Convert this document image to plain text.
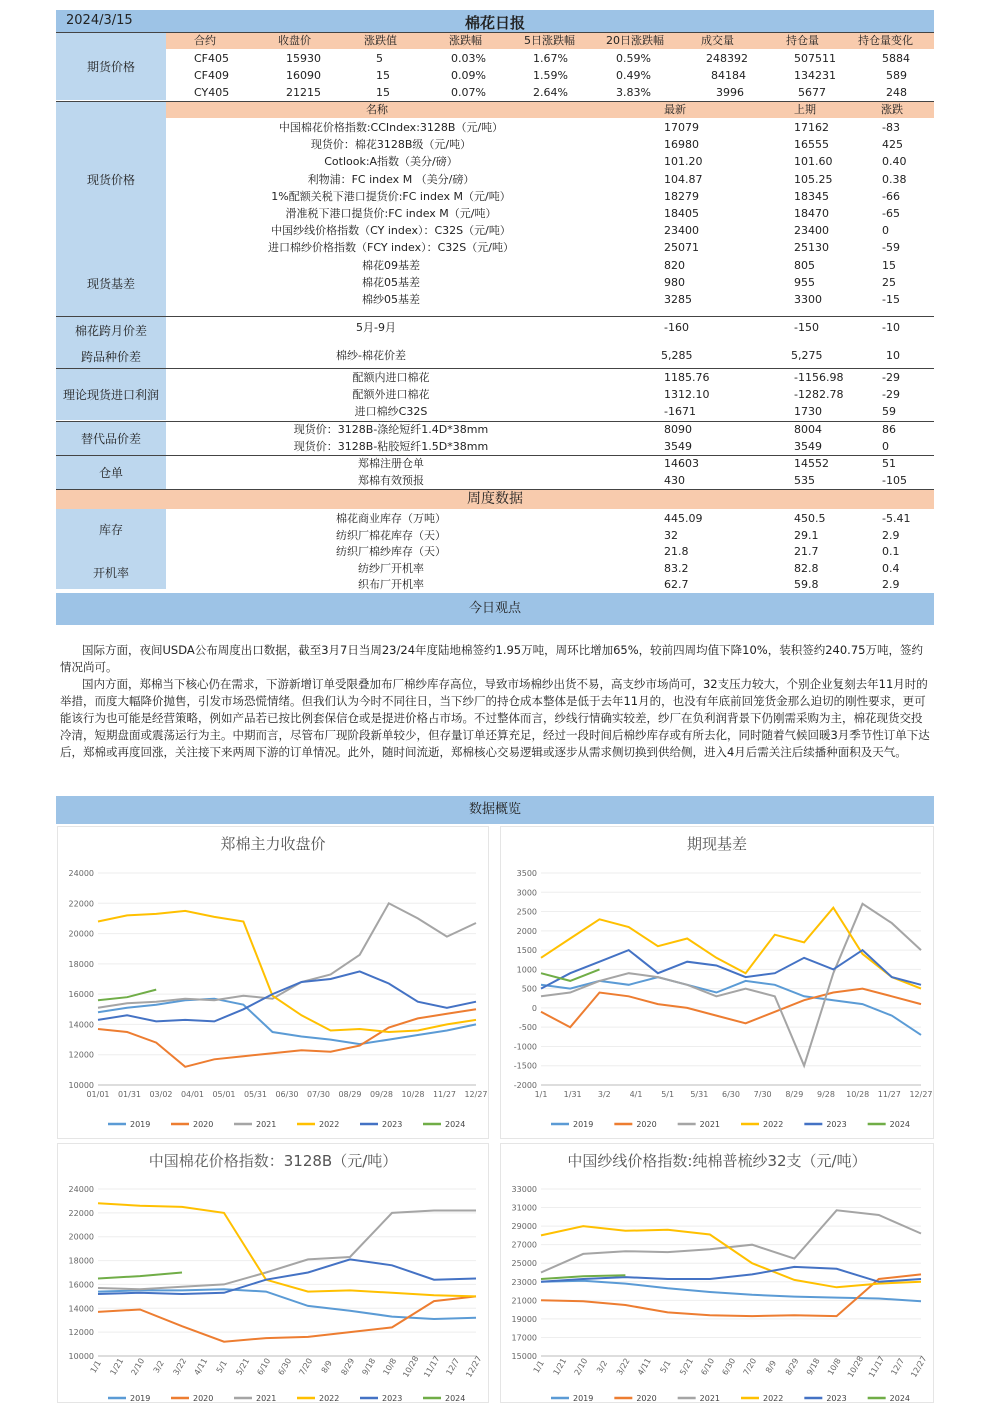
2024/3/15	棉花日报
期货价格
合约	收盘价	涨跌值	涨跌幅	5日涨跌幅	20日涨跌幅	成交量	持仓量	持仓量变化
CF405	15930	5	0.03%	1.67%	0.59%	248392	507511	5884
CF409	16090	15	0.09%	1.59%	0.49%	84184	134231	589
CY405	21215	15	0.07%	2.64%	3.83%	3996	5677	248
现货价格
现货基差
名称	最新	上期	涨跌
棉花跨月价差
跨品种价差
5月-9月	-160	-150	-10
棉纱-棉花价差	5,285	5,275	10
理论现货进口利润
替代品价差
仓单
周度数据
库存
开机率
今日观点

国际方面，夜间USDA公布周度出口数据，截至3月7日当周23/24年度陆地棉签约1.95万吨，周环比增加65%，较前四周均值下降10%，装积签约240.75万吨，签约情况尚可。

国内方面，郑棉当下核心仍在需求，下游新增订单受限叠加布厂棉纱库存高位，导致市场棉纱出货不易，高支纱市场尚可，32支压力较大，个别企业复刻去年11月时的举措，而度大幅降价抛售，引发市场恐慌情绪。但我们认为今时不同往日，当下纱厂的持仓成本整体是低于去年11月的，也没有年底前回笼货金那么迫切的刚性要求，更可能该行为也可能是经营策略，例如产品若已按比例套保信仓或是提进价格占市场。不过整体而言，纱线行情确实较差，纱厂在负利润背景下仍刚需采购为主，棉花现货交投冷清，短期盘面或震荡运行为主。中期而言，尽管布厂现阶段新单较少，但存量订单还算充足，经过一段时间后棉纱库存或有所去化，同时随着气候回暖3月季节性订单下达后，郑棉或再度回涨，关注接下来两周下游的订单情况。此外，随时间流逝，郑棉核心交易逻辑或逐步从需求侧切换到供给侧，进入4月后需关注后续播种面积及天气。

数据概览
中国棉花价格指数:CCIndex:3128B（元/吨）	17079	17162	-83
现货价：棉花3128B级（元/吨）	16980	16555	425
Cotlook:A指数（美分/磅）	101.20	101.60	0.40
利物浦：FC index M （美分/磅）	104.87	105.25	0.38
1%配额关税下港口提货价:FC index M（元/吨）	18279	18345	-66
滑准税下港口提货价:FC index M（元/吨）	18405	18470	-65
中国纱线价格指数（CY index）：C32S（元/吨）	23400	23400	0
进口棉纱价格指数（FCY index）：C32S（元/吨）	25071	25130	-59
棉花09基差	820	805	15
棉花05基差	980	955	25
棉纱05基差	3285	3300	-15
配额内进口棉花	1185.76	-1156.98	-29
配额外进口棉花	1312.10	-1282.78	-29
进口棉纱C32S	-1671	1730	59
现货价：3128B-涤纶短纤1.4D*38mm	8090	8004	86
现货价：3128B-粘胶短纤1.5D*38mm	3549	3549	0
郑棉注册仓单	14603	14552	51
郑棉有效预报	430	535	-105
棉花商业库存（万吨）	445.09	450.5	-5.41
纺织厂棉花库存（天）	32	29.1	2.9
纺织厂棉纱库存（天）	21.8	21.7	0.1
纺纱厂开机率	83.2	82.8	0.4
织布厂开机率	62.7	59.8	2.9
郑棉主力收盘价
10000
12000
14000
16000
18000
20000
22000
24000
01/01 01/31 03/02 04/01 05/01 05/31 06/30 07/30 08/29 09/28 10/28 11/27 12/27
2019	2020	2021	2022	2023	2024
期现基差
-2000
-1500
-1000
-500
0
500
1000
1500
2000
2500
3000
3500
1/1 1/31 3/2 4/1 5/1 5/31 6/30 7/30 8/29 9/28 10/28 11/27 12/27
2019	2020	2021	2022	2023	2024
中国棉花价格指数：3128B（元/吨）
10000
12000
14000
16000
18000
20000
22000
24000
1/1 1/21 2/10 3/2 3/22 4/11 5/1 5/21 6/10 6/30 7/20 8/9 8/29 9/18 10/8 10/28 11/17 12/7 12/27
2019	2020	2021	2022	2023	2024
中国纱线价格指数:纯棉普梳纱32支（元/吨）
15000
17000
19000
21000
23000
25000
27000
29000
31000
33000
1/1 1/21 2/10 3/2 3/22 4/11 5/1 5/21 6/10 6/30 7/20 8/9 8/29 9/18 10/8 10/28 11/17 12/7 12/27
2019	2020	2021	2022	2023	2024
